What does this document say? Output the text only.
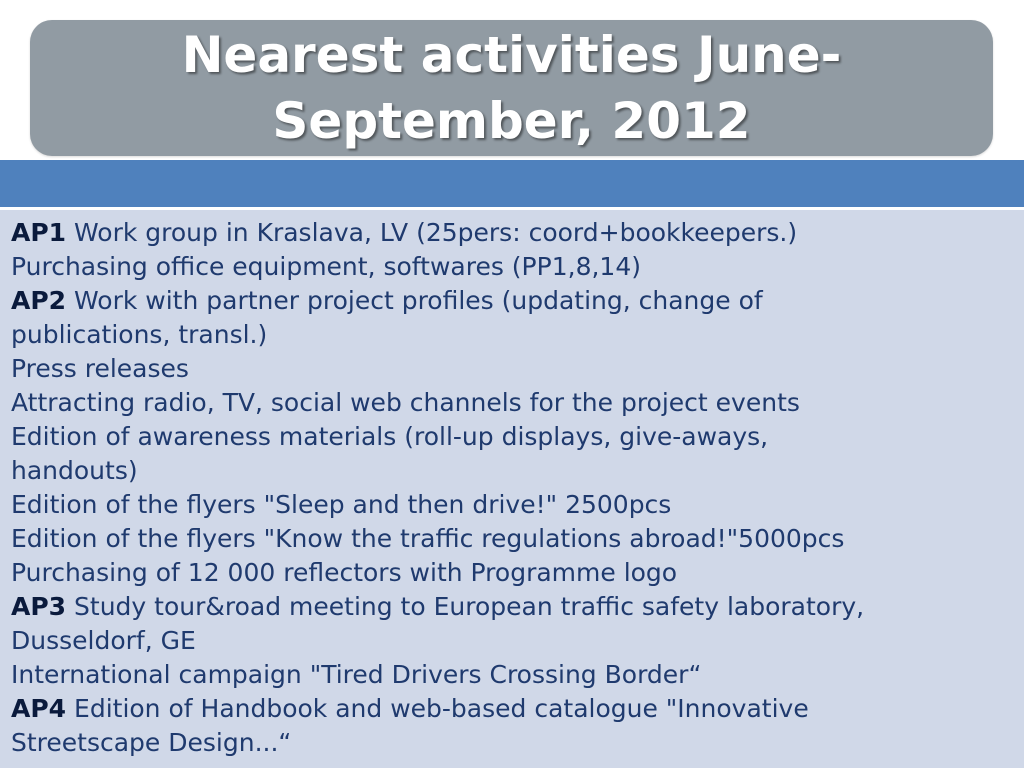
Nearest activities June-
September, 2012

AP1 Work group in Kraslava, LV (25pers: coord+bookkeepers.)

Purchasing office equipment, softwares (PP1,8,14)

AP2 Work with partner project profiles (updating, change of

publications, transl.)

Press releases

Attracting radio, TV, social web channels for the project events

Edition of awareness materials (roll-up displays, give-aways,

handouts)

Edition of the flyers "Sleep and then drive!" 2500pcs

Edition of the flyers "Know the traffic regulations abroad!"5000pcs

Purchasing of 12 000 reflectors with Programme logo

AP3 Study tour&road meeting to European traffic safety laboratory,

Dusseldorf, GE

International campaign "Tired Drivers Crossing Border“

AP4 Edition of Handbook and web-based catalogue "Innovative

Streetscape Design...“
